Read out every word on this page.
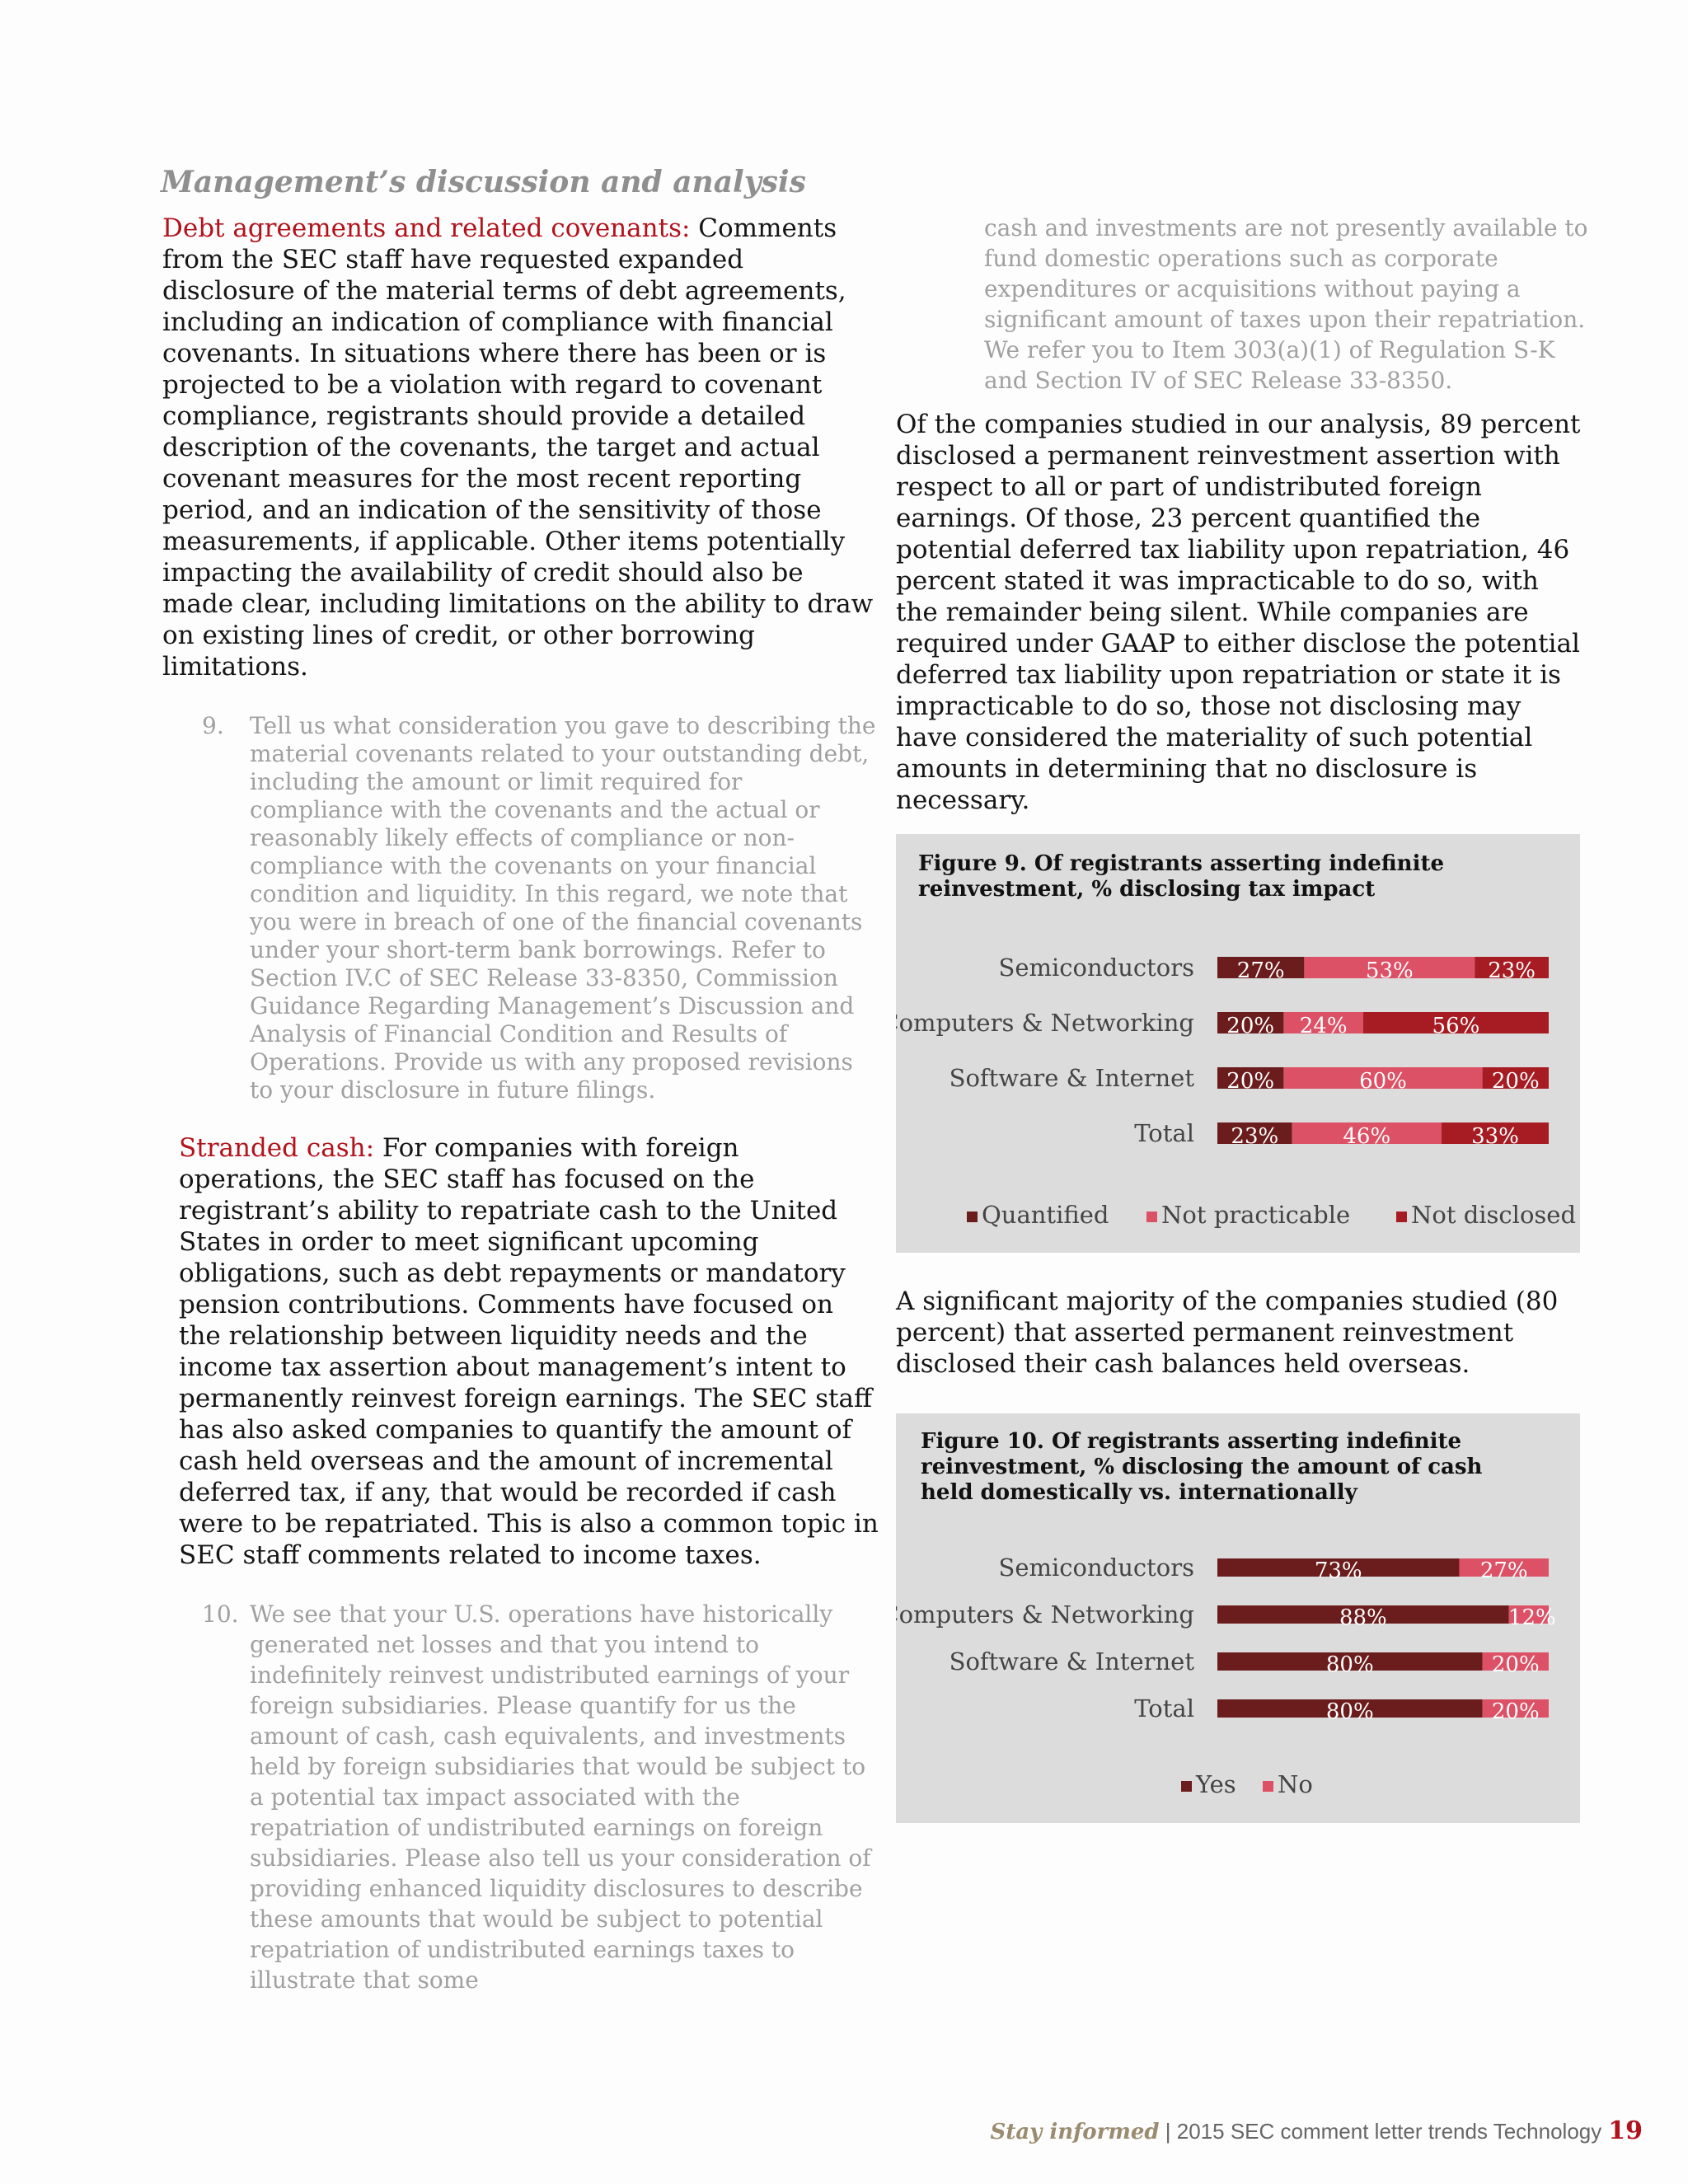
Management’s discussion and analysis

Debt agreements and related covenants: Comments from the SEC staff have requested expanded disclosure of the material terms of debt agreements, including an indication of compliance with financial covenants. In situations where there has been or is projected to be a violation with regard to covenant compliance, registrants should provide a detailed description of the covenants, the target and actual covenant measures for the most recent reporting period, and an indication of the sensitivity of those measurements, if applicable. Other items potentially impacting the availability of credit should also be made clear, including limitations on the ability to draw on existing lines of credit, or other borrowing limitations.

9. Tell us what consideration you gave to describing the material covenants related to your outstanding debt, including the amount or limit required for compliance with the covenants and the actual or reasonably likely effects of compliance or non-compliance with the covenants on your financial condition and liquidity. In this regard, we note that you were in breach of one of the financial covenants under your short-term bank borrowings. Refer to Section IV.C of SEC Release 33-8350, Commission Guidance Regarding Management’s Discussion and Analysis of Financial Condition and Results of Operations. Provide us with any proposed revisions to your disclosure in future filings.

Stranded cash: For companies with foreign operations, the SEC staff has focused on the registrant’s ability to repatriate cash to the United States in order to meet significant upcoming obligations, such as debt repayments or mandatory pension contributions. Comments have focused on the relationship between liquidity needs and the income tax assertion about management’s intent to permanently reinvest foreign earnings. The SEC staff has also asked companies to quantify the amount of cash held overseas and the amount of incremental deferred tax, if any, that would be recorded if cash were to be repatriated. This is also a common topic in SEC staff comments related to income taxes.

10. We see that your U.S. operations have historically generated net losses and that you intend to indefinitely reinvest undistributed earnings of your foreign subsidiaries. Please quantify for us the amount of cash, cash equivalents, and investments held by foreign subsidiaries that would be subject to a potential tax impact associated with the repatriation of undistributed earnings on foreign subsidiaries. Please also tell us your consideration of providing enhanced liquidity disclosures to describe these amounts that would be subject to potential repatriation of undistributed earnings taxes to illustrate that some

cash and investments are not presently available to fund domestic operations such as corporate expenditures or acquisitions without paying a significant amount of taxes upon their repatriation. We refer you to Item 303(a)(1) of Regulation S-K and Section IV of SEC Release 33-8350.

Of the companies studied in our analysis, 89 percent disclosed a permanent reinvestment assertion with respect to all or part of undistributed foreign earnings. Of those, 23 percent quantified the potential deferred tax liability upon repatriation, 46 percent stated it was impracticable to do so, with the remainder being silent. While companies are required under GAAP to either disclose the potential deferred tax liability upon repatriation or state it is impracticable to do so, those not disclosing may have considered the materiality of such potential amounts in determining that no disclosure is necessary.

Figure 9. Of registrants asserting indefinite
reinvestment, % disclosing tax impact
Semiconductors 27%	53%	23%
Computers & Networking 20% 24%	56%
Software & Internet 20%	60%	20%
Total 23%	46%	33%
Quantified Not practicable	Not disclosed

A significant majority of the companies studied (80 percent) that asserted permanent reinvestment disclosed their cash balances held overseas.

Figure 10. Of registrants asserting indefinite
reinvestment, % disclosing the amount of cash
held domestically vs. internationally
Semiconductors	73%	27%
Computers & Networking	88%	12%
Software & Internet	80%	20%
Total	80%	20%
Yes No
Stay informed | 2015 SEC comment letter trends Technology 19
